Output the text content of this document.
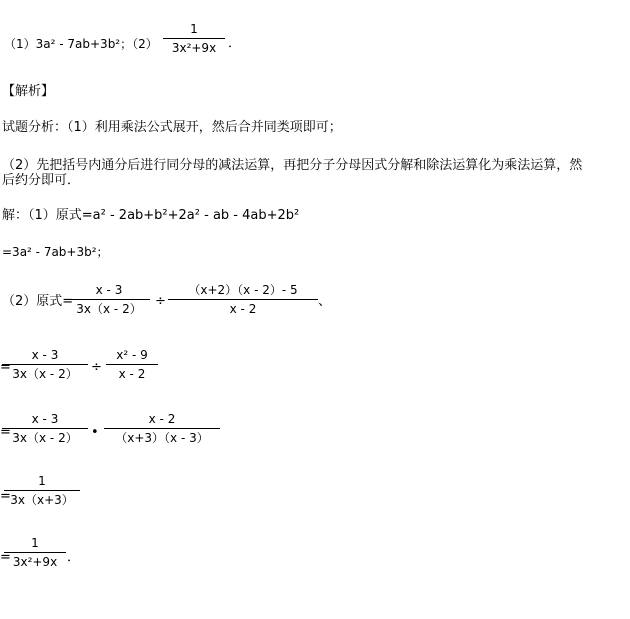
（1）3a² - 7ab+3b²；（2）
1
3x²+9x ．
【解析】
试题分析：（1）利用乘法公式展开，然后合并同类项即可；
（2）先把括号内通分后进行同分母的减法运算，再把分子分母因式分解和除法运算化为乘法运算，然
后约分即可．
解：（1）原式=a² - 2ab+b²+2a² - ab - 4ab+2b²
=3a² - 7ab+3b²；
（2）原式=
x - 3
3x（x - 2）	÷
（x+2）（x - 2）- 5
x - 2	、
=
x - 3
3x（x - 2）	÷
x² - 9
x - 2
=
x - 3
3x（x - 2）	•
x - 2
（x+3）（x - 3）
=
1
3x（x+3）
=
1
3x²+9x ．
